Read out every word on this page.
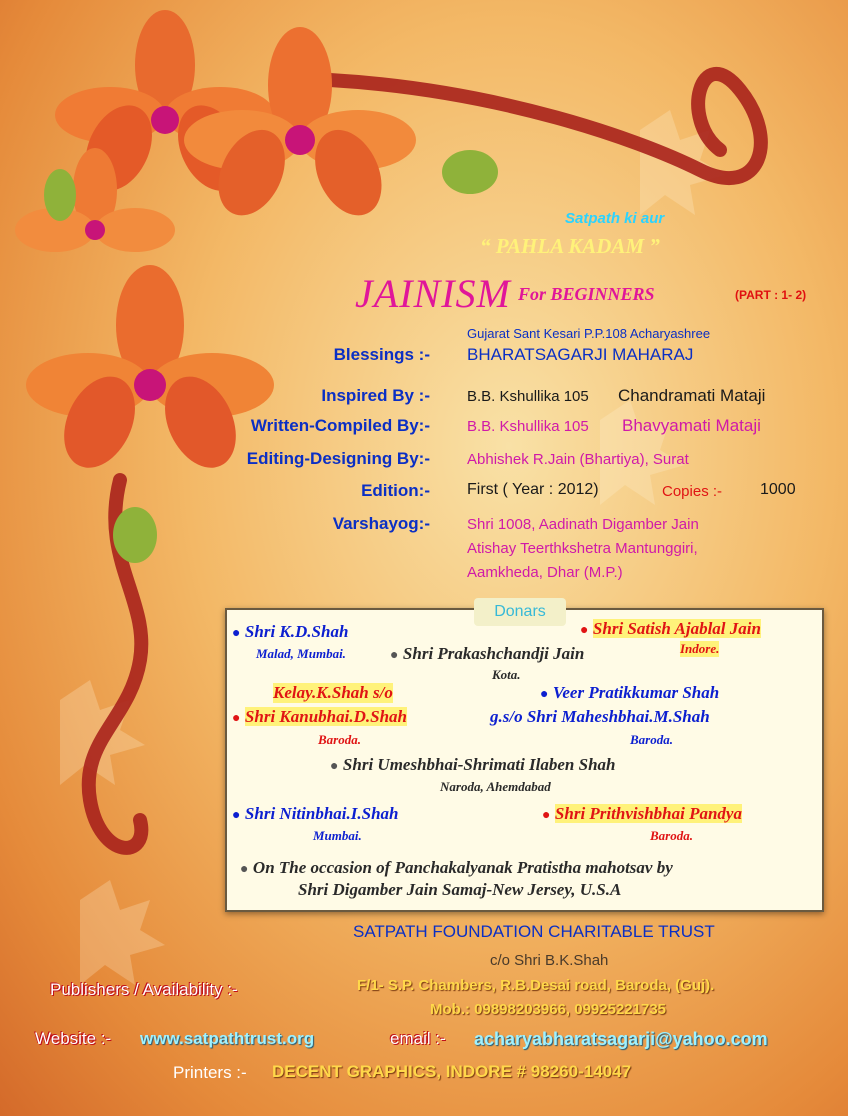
Satpath ki aur
“ PAHLA KADAM ”
JAINISM For BEGINNERS	(PART : 1- 2)
Gujarat Sant Kesari P.P.108 Acharyashree
Blessings :- BHARATSAGARJI MAHARAJ
Inspired By :- B.B. Kshullika 105 Chandramati Mataji
Written-Compiled By:- B.B. Kshullika 105 Bhavyamati Mataji
Editing-Designing By:- Abhishek R.Jain (Bhartiya), Surat
Edition:- First ( Year : 2012)	Copies :- 1000
Varshayog:- Shri 1008, Aadinath Digamber Jain
Atishay Teerthkshetra Mantunggiri,
Aamkheda, Dhar (M.P.)
Donars
● Shri K.D.Shah
Malad, Mumbai.
● Shri Satish Ajablal Jain
Indore.
● Shri Prakashchandji Jain
Kota.
Kelay.K.Shah s/o
● Shri Kanubhai.D.Shah
Baroda.
● Veer Pratikkumar Shah
g.s/o Shri Maheshbhai.M.Shah
Baroda.
● Shri Umeshbhai-Shrimati Ilaben Shah
Naroda, Ahemdabad
● Shri Nitinbhai.I.Shah
Mumbai.
● Shri Prithvishbhai Pandya
Baroda.
● On The occasion of Panchakalyanak Pratistha mahotsav by
Shri Digamber Jain Samaj-New Jersey, U.S.A
SATPATH FOUNDATION CHARITABLE TRUST
c/o Shri B.K.Shah
Publishers / Availability :-	F/1- S.P. Chambers, R.B.Desai road, Baroda, (Guj).
Mob.: 09898203966, 09925221735
Website :- www.satpathtrust.org	email :- acharyabharatsagarji@yahoo.com
Printers :- DECENT GRAPHICS, INDORE # 98260-14047
